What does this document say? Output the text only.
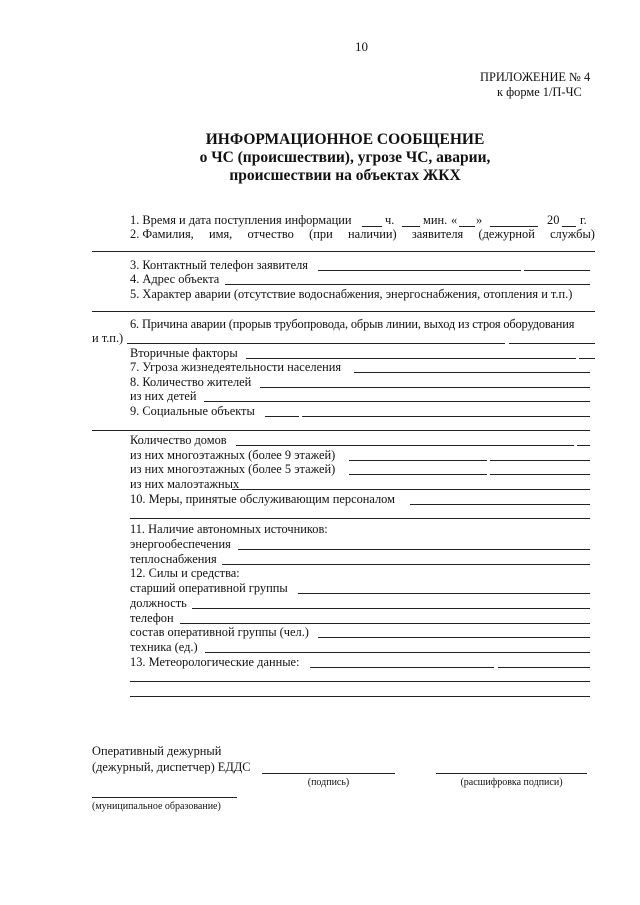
10
ПРИЛОЖЕНИЕ № 4
к форме 1/П-ЧС
ИНФОРМАЦИОННОЕ СООБЩЕНИЕ
о ЧС (происшествии), угрозе ЧС, аварии,
происшествии на объектах ЖКХ
1. Время и дата поступления информации	ч. мин. « »	20 г.
2. Фамилия, имя, отчество (при наличии) заявителя (дежурной службы)
3. Контактный телефон заявителя
4. Адрес объекта
5. Характер аварии (отсутствие водоснабжения, энергоснабжения, отопления и т.п.)
6. Причина аварии (прорыв трубопровода, обрыв линии, выход из строя оборудования
и т.п.)
Вторичные факторы
7. Угроза жизнедеятельности населения
8. Количество жителей
из них детей
9. Социальные объекты
Количество домов
из них многоэтажных (более 9 этажей)
из них многоэтажных (более 5 этажей)
из них малоэтажных
10. Меры, принятые обслуживающим персоналом
11. Наличие автономных источников:
энергообеспечения
теплоснабжения
12. Силы и средства:
старший оперативной группы
должность
телефон
состав оперативной группы (чел.)
техника (ед.)
13. Метеорологические данные:
Оперативный дежурный
(дежурный, диспетчер) ЕДДС
(подпись)	(расшифровка подписи)
(муниципальное образование)
